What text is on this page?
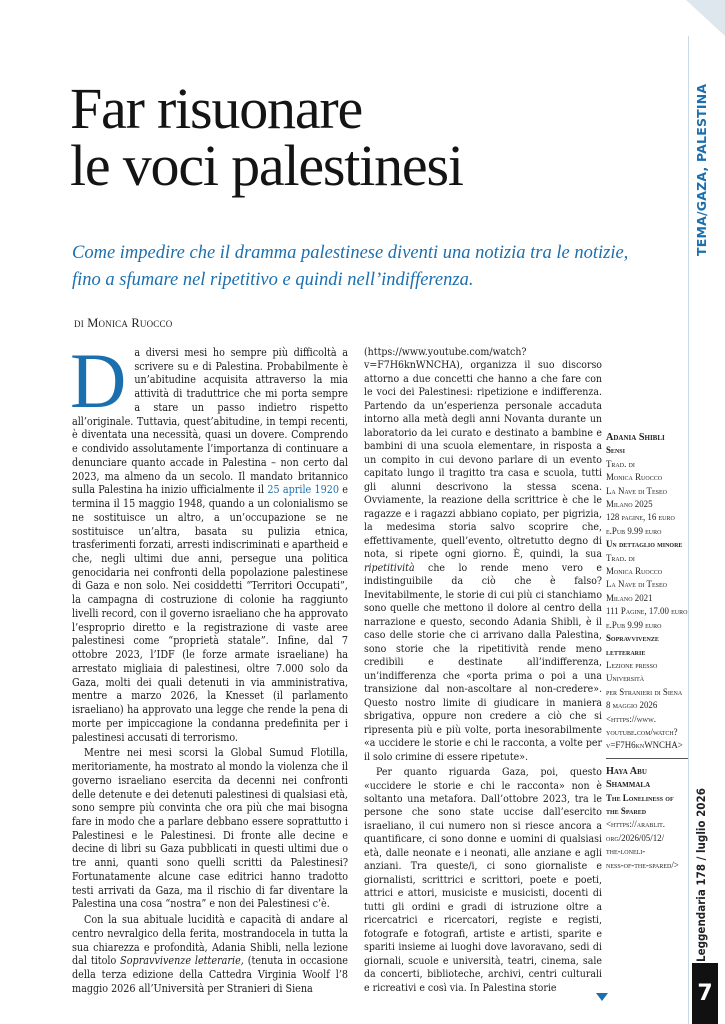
TEMA/GAZA, PALESTINA
Leggendaria 178 / luglio 2026
7
Far risuonare
le voci palestinesi
Come impedire che il dramma palestinese diventi una notizia tra le notizie,
fino a sfumare nel ripetitivo e quindi nell’indifferenza.
di Monica Ruocco

Da diversi mesi ho sempre più difficoltà a scrivere su e di Palestina. Probabilmente è un’abitudine acquisita attraverso la mia attività di traduttrice che mi porta sempre a stare un passo indietro rispetto all’originale. Tuttavia, quest’abitudine, in tempi recenti, è diventata una necessità, quasi un dovere. Comprendo e condivido assolutamente l’importanza di continuare a denunciare quanto accade in Palestina – non certo dal 2023, ma almeno da un secolo. Il mandato britannico sulla Palestina ha inizio ufficialmente il 25 aprile 1920 e termina il 15 maggio 1948, quando a un colonialismo se ne sostituisce un altro, a un’occupazione se ne sostituisce un’altra, basata su pulizia etnica, trasferimenti forzati, arresti indiscriminati e apartheid e che, negli ultimi due anni, persegue una politica genocidaria nei confronti della popolazione palestinese di Gaza e non solo. Nei cosiddetti “Territori Occupati”, la campagna di costruzione di colonie ha raggiunto livelli record, con il governo israeliano che ha approvato l’esproprio diretto e la registrazione di vaste aree palestinesi come “proprietà statale”. Infine, dal 7 ottobre 2023, l’IDF (le forze armate israeliane) ha arrestato migliaia di palestinesi, oltre 7.000 solo da Gaza, molti dei quali detenuti in via amministrativa, mentre a marzo 2026, la Knesset (il parlamento israeliano) ha approvato una legge che rende la pena di morte per impiccagione la condanna predefinita per i palestinesi accusati di terrorismo.

Mentre nei mesi scorsi la Global Sumud Flotilla, meritoriamente, ha mostrato al mondo la violenza che il governo israeliano esercita da decenni nei confronti delle detenute e dei detenuti palestinesi di qualsiasi età, sono sempre più convinta che ora più che mai bisogna fare in modo che a parlare debbano essere soprattutto i Palestinesi e le Palestinesi. Di fronte alle decine e decine di libri su Gaza pubblicati in questi ultimi due o tre anni, quanti sono quelli scritti da Palestinesi? Fortunatamente alcune case editrici hanno tradotto testi arrivati da Gaza, ma il rischio di far diventare la Palestina una cosa “nostra” e non dei Palestinesi c’è.

Con la sua abituale lucidità e capacità di andare al centro nevralgico della ferita, mostrandocela in tutta la sua chiarezza e profondità, Adania Shibli, nella lezione dal titolo Sopravvivenze letterarie, (tenuta in occasione della terza edizione della Cattedra Virginia Woolf l’8 maggio 2026 all’Università per Stranieri di Siena

(https://www.youtube.com/watch?v=F7H6knWNCHA), organizza il suo discorso attorno a due concetti che hanno a che fare con le voci dei Palestinesi: ripetizione e indifferenza. Partendo da un’esperienza personale accaduta intorno alla metà degli anni Novanta durante un laboratorio da lei curato e destinato a bambine e bambini di una scuola elementare, in risposta a un compito in cui devono parlare di un evento capitato lungo il tragitto tra casa e scuola, tutti gli alunni descrivono la stessa scena. Ovviamente, la reazione della scrittrice è che le ragazze e i ragazzi abbiano copiato, per pigrizia, la medesima storia salvo scoprire che, effettivamente, quell’evento, oltretutto degno di nota, si ripete ogni giorno. È, quindi, la sua ripetitività che lo rende meno vero e indistinguibile da ciò che è falso? Inevitabilmente, le storie di cui più ci stanchiamo sono quelle che mettono il dolore al centro della narrazione e questo, secondo Adania Shibli, è il caso delle storie che ci arrivano dalla Palestina, sono storie che la ripetitività rende meno credibili e destinate all’indifferenza, un’indifferenza che «porta prima o poi a una transizione dal non-ascoltare al non-credere». Questo nostro limite di giudicare in maniera sbrigativa, oppure non credere a ciò che si ripresenta più e più volte, porta inesorabilmente «a uccidere le storie e chi le racconta, a volte per il solo crimine di essere ripetute».

Per quanto riguarda Gaza, poi, questo «uccidere le storie e chi le racconta» non è soltanto una metafora. Dall’ottobre 2023, tra le persone che sono state uccise dall’esercito israeliano, il cui numero non si riesce ancora a quantificare, ci sono donne e uomini di qualsiasi età, dalle neonate e i neonati, alle anziane e agli anziani. Tra queste/i, ci sono giornaliste e giornalisti, scrittrici e scrittori, poete e poeti, attrici e attori, musiciste e musicisti, docenti di tutti gli ordini e gradi di istruzione oltre a ricercatrici e ricercatori, registe e registi, fotografe e fotografi, artiste e artisti, sparite e spariti insieme ai luoghi dove lavoravano, sedi di giornali, scuole e università, teatri, cinema, sale da concerti, biblioteche, archivi, centri culturali e ricreativi e così via. In Palestina storie

Adania Shibli
Sensi
Trad. di
Monica Ruocco
La Nave di Teseo
Milano 2025
128 pagine, 16 euro
e.Pub 9.99 euro
Un dettaglio minore
Trad. di
Monica Ruocco
La Nave di Teseo
Milano 2021
111 Pagine, 17.00 euro
e.Pub 9.99 euro
Sopravvivenze letterarie
Lezione presso
Università
per Stranieri di Siena
8 maggio 2026
<https://www.
youtube.com/watch?
v=F7H6knWNCHA>
Haya Abu Shammala
The Loneliness of the Spared
<https://arablit.
org/2026/05/12/
the-loneli-
ness-of-the-spared/>
